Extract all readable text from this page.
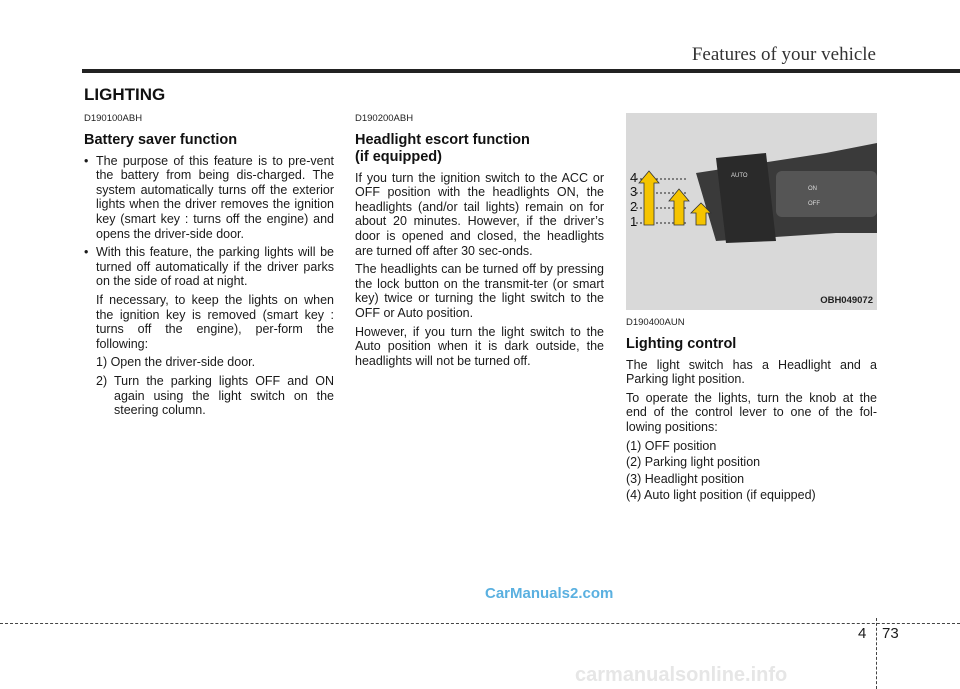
Features of your vehicle
LIGHTING
D190100ABH
Battery saver function

• The purpose of this feature is to pre-vent the battery from being dis-charged. The system automatically turns off the exterior lights when the driver removes the ignition key (smart key : turns off the engine) and opens the driver-side door.

• With this feature, the parking lights will be turned off automatically if the driver parks on the side of road at night.

If necessary, to keep the lights on when the ignition key is removed (smart key : turns off the engine), per-form the following:

1) Open the driver-side door.

2) Turn the parking lights OFF and ON again using the light switch on the steering column.

D190200ABH
Headlight escort function
(if equipped)

If you turn the ignition switch to the ACC or OFF position with the headlights ON, the headlights (and/or tail lights) remain on for about 20 minutes. However, if the driver’s door is opened and closed, the headlights are turned off after 30 sec-onds.

The headlights can be turned off by pressing the lock button on the transmit-ter (or smart key) twice or turning the light switch to the OFF or Auto position.

However, if you turn the light switch to the Auto position when it is dark outside, the headlights will not be turned off.

4
3
2
1
AUTO
ON
OFF
OBH049072
D190400AUN
Lighting control

The light switch has a Headlight and a Parking light position.

To operate the lights, turn the knob at the end of the control lever to one of the fol-lowing positions:

(1) OFF position

(2) Parking light position

(3) Headlight position

(4) Auto light position (if equipped)

CarManuals2.com
4 73
carmanualsonline.info
